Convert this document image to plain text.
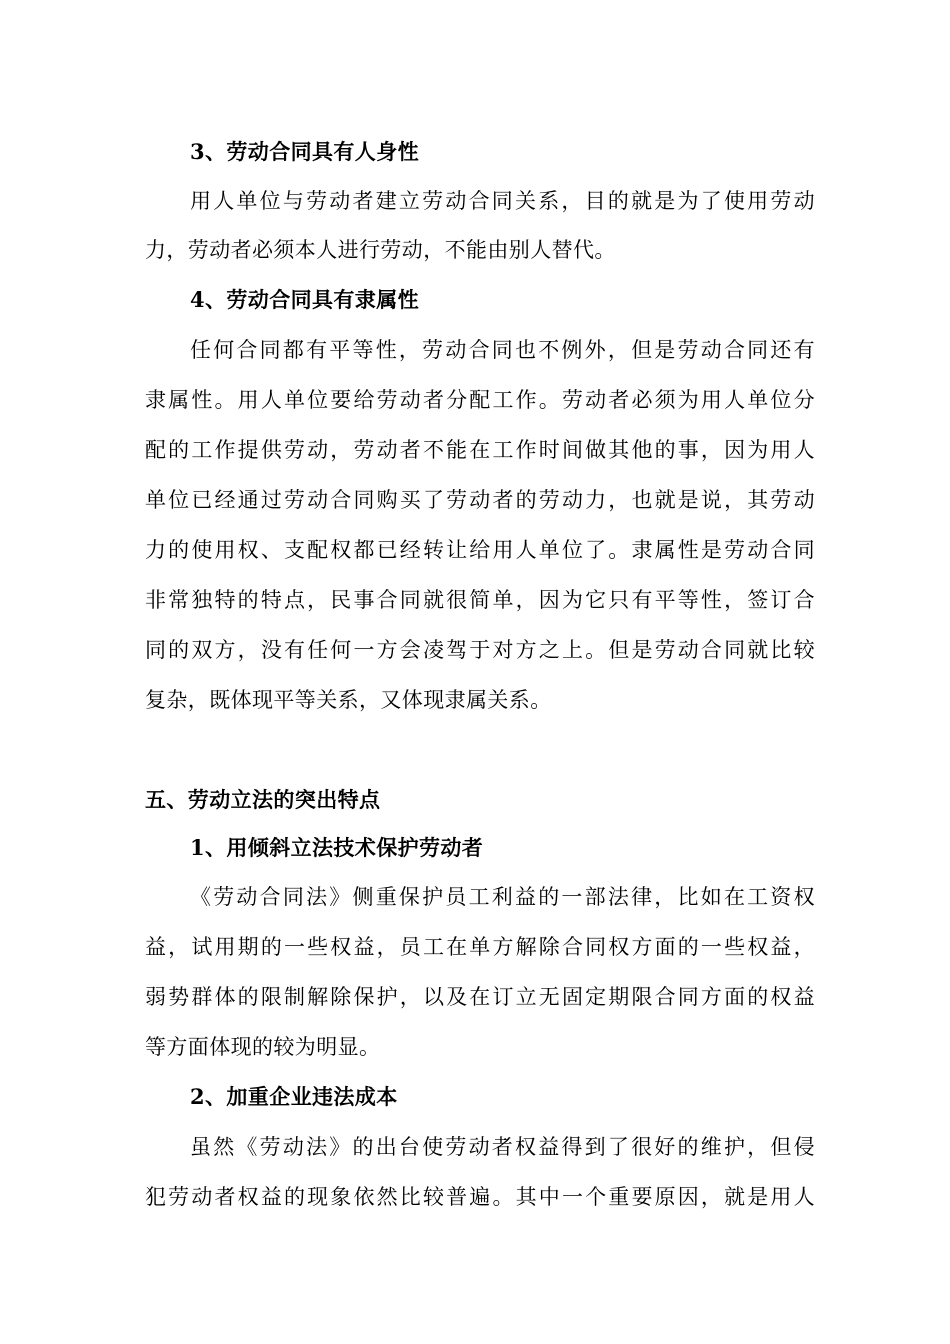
3、劳动合同具有人身性
用人单位与劳动者建立劳动合同关系，目的就是为了使用劳动
力，劳动者必须本人进行劳动，不能由别人替代。
4、劳动合同具有隶属性
任何合同都有平等性，劳动合同也不例外，但是劳动合同还有
隶属性。用人单位要给劳动者分配工作。劳动者必须为用人单位分
配的工作提供劳动，劳动者不能在工作时间做其他的事，因为用人
单位已经通过劳动合同购买了劳动者的劳动力，也就是说，其劳动
力的使用权、支配权都已经转让给用人单位了。隶属性是劳动合同
非常独特的特点，民事合同就很简单，因为它只有平等性，签订合
同的双方，没有任何一方会凌驾于对方之上。但是劳动合同就比较
复杂，既体现平等关系，又体现隶属关系。
五、劳动立法的突出特点
1、用倾斜立法技术保护劳动者
《劳动合同法》侧重保护员工利益的一部法律，比如在工资权
益，试用期的一些权益，员工在单方解除合同权方面的一些权益，
弱势群体的限制解除保护，以及在订立无固定期限合同方面的权益
等方面体现的较为明显。
2、加重企业违法成本
虽然《劳动法》的出台使劳动者权益得到了很好的维护，但侵
犯劳动者权益的现象依然比较普遍。其中一个重要原因，就是用人
